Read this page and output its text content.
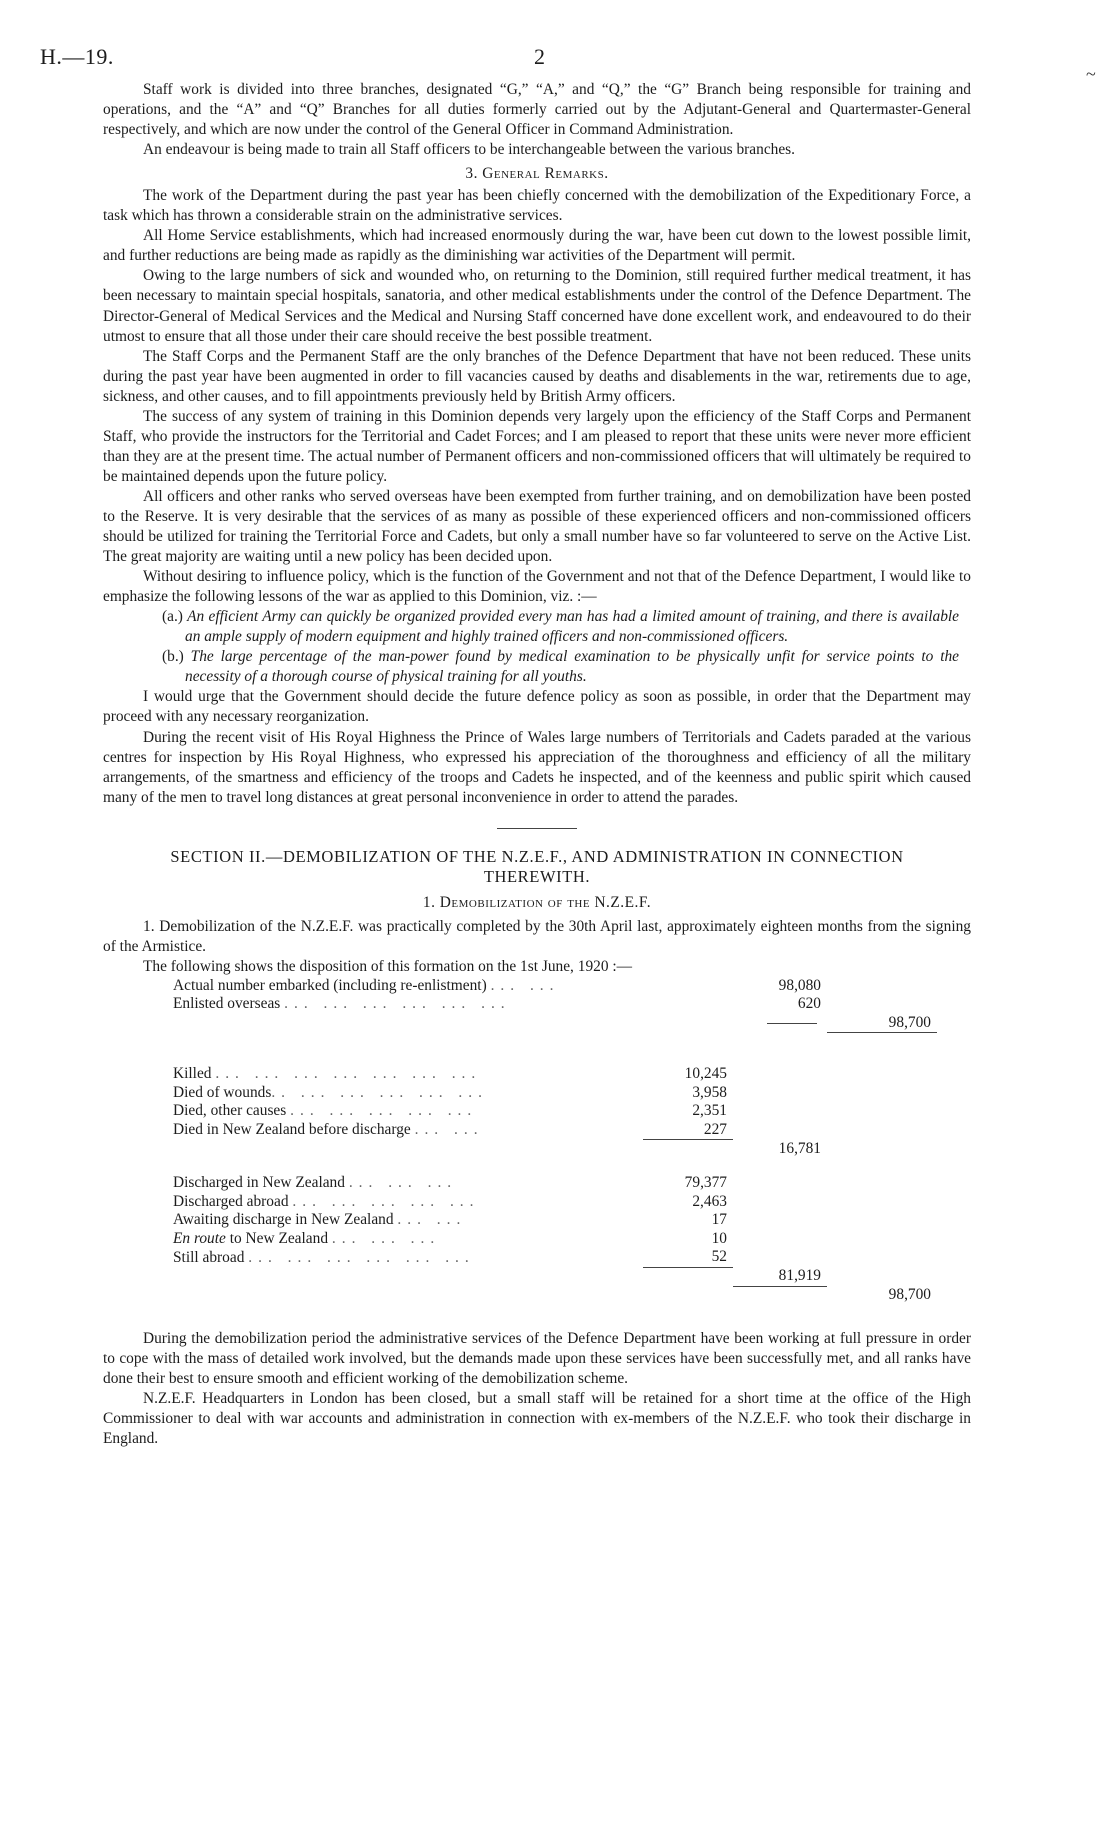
H.—19.	2
~

Staff work is divided into three branches, designated “G,” “A,” and “Q,” the “G” Branch being responsible for training and operations, and the “A” and “Q” Branches for all duties formerly carried out by the Adjutant-General and Quartermaster-General respectively, and which are now under the control of the General Officer in Command Administration.

An endeavour is being made to train all Staff officers to be interchangeable between the various branches.

3. General Remarks.

The work of the Department during the past year has been chiefly concerned with the demobilization of the Expeditionary Force, a task which has thrown a considerable strain on the administrative services.

All Home Service establishments, which had increased enormously during the war, have been cut down to the lowest possible limit, and further reductions are being made as rapidly as the diminishing war activities of the Department will permit.

Owing to the large numbers of sick and wounded who, on returning to the Dominion, still required further medical treatment, it has been necessary to maintain special hospitals, sanatoria, and other medical establishments under the control of the Defence Department. The Director-General of Medical Services and the Medical and Nursing Staff concerned have done excellent work, and endeavoured to do their utmost to ensure that all those under their care should receive the best possible treatment.

The Staff Corps and the Permanent Staff are the only branches of the Defence Department that have not been reduced. These units during the past year have been augmented in order to fill vacancies caused by deaths and disablements in the war, retirements due to age, sickness, and other causes, and to fill appointments previously held by British Army officers.

The success of any system of training in this Dominion depends very largely upon the efficiency of the Staff Corps and Permanent Staff, who provide the instructors for the Territorial and Cadet Forces; and I am pleased to report that these units were never more efficient than they are at the present time. The actual number of Permanent officers and non-commissioned officers that will ultimately be required to be maintained depends upon the future policy.

All officers and other ranks who served overseas have been exempted from further training, and on demobilization have been posted to the Reserve. It is very desirable that the services of as many as possible of these experienced officers and non-commissioned officers should be utilized for training the Territorial Force and Cadets, but only a small number have so far volunteered to serve on the Active List. The great majority are waiting until a new policy has been decided upon.

Without desiring to influence policy, which is the function of the Government and not that of the Defence Department, I would like to emphasize the following lessons of the war as applied to this Dominion, viz. :—

(a.) An efficient Army can quickly be organized provided every man has had a limited amount of training, and there is available an ample supply of modern equipment and highly trained officers and non-commissioned officers.

(b.) The large percentage of the man-power found by medical examination to be physically unfit for service points to the necessity of a thorough course of physical training for all youths.

I would urge that the Government should decide the future defence policy as soon as possible, in order that the Department may proceed with any necessary reorganization.

During the recent visit of His Royal Highness the Prince of Wales large numbers of Territorials and Cadets paraded at the various centres for inspection by His Royal Highness, who expressed his appreciation of the thoroughness and efficiency of all the military arrangements, of the smartness and efficiency of the troops and Cadets he inspected, and of the keenness and public spirit which caused many of the men to travel long distances at great personal inconvenience in order to attend the parades.

SECTION II.—DEMOBILIZATION OF THE N.Z.E.F., AND ADMINISTRATION IN CONNECTION THEREWITH.

1. Demobilization of the N.Z.E.F.

1. Demobilization of the N.Z.E.F. was practically completed by the 30th April last, approximately eighteen months from the signing of the Armistice.

The following shows the disposition of this formation on the 1st June, 1920 :—

Actual number embarked (including re-enlistment) ... ...		98,080	
Enlisted overseas ... ... ... ... ... ...		620	
			98,700

Killed ... ... ... ... ... ... ...	10,245		
Died of wounds.. ... ... ... ... ...	3,958		
Died, other causes ... ... ... ... ...	2,351		
Died in New Zealand before discharge ... ...	227		
		16,781	

Discharged in New Zealand ... ... ...	79,377		
Discharged abroad ... ... ... ... ...	2,463		
Awaiting discharge in New Zealand ... ...	17		
En route to New Zealand ... ... ...	10		
Still abroad ... ... ... ... ... ...	52		
		81,919	
			98,700

During the demobilization period the administrative services of the Defence Department have been working at full pressure in order to cope with the mass of detailed work involved, but the demands made upon these services have been successfully met, and all ranks have done their best to ensure smooth and efficient working of the demobilization scheme.

N.Z.E.F. Headquarters in London has been closed, but a small staff will be retained for a short time at the office of the High Commissioner to deal with war accounts and administration in connection with ex-members of the N.Z.E.F. who took their discharge in England.
